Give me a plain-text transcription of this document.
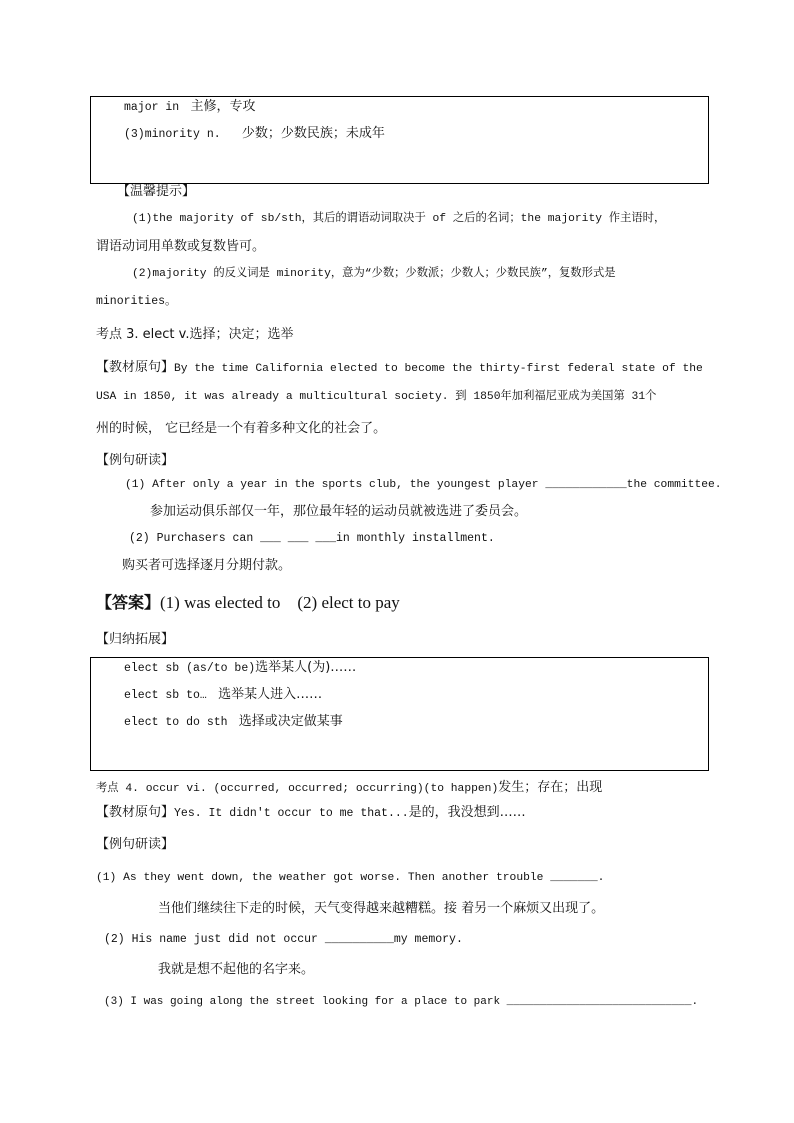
major in 主修，专攻
(3)minority n. 少数；少数民族；未成年
【温馨提示】
(1)the majority of sb/sth，其后的谓语动词取决于 of 之后的名词；the majority 作主语时，
谓语动词用单数或复数皆可。
(2)majority 的反义词是 minority，意为“少数；少数派；少数人；少数民族”，复数形式是
minorities。
考点 3. elect v.选择；决定；选举
【教材原句】By the time California elected to become the thirty-first federal state of the
USA in 1850, it was already a multicultural society. 到 1850年加利福尼亚成为美国第 31个
州的时候， 它已经是一个有着多种文化的社会了。
【例句研读】
(1) After only a year in the sports club, the youngest player ____________the committee.
参加运动俱乐部仅一年，那位最年轻的运动员就被选进了委员会。
(2) Purchasers can ___ ___ ___in monthly installment.
购买者可选择逐月分期付款。
【答案】(1) was elected to    (2) elect to pay
【归纳拓展】
elect sb (as/to be)选举某人(为)……
elect sb to… 选举某人进入……
elect to do sth 选择或决定做某事
考点 4. occur vi. (occurred, occurred; occurring)(to happen)发生；存在；出现
【教材原句】Yes. It didn't occur to me that...是的，我没想到……
【例句研读】
(1) As they went down, the weather got worse. Then another trouble _______.
当他们继续往下走的时候，天气变得越来越糟糕。接 着另一个麻烦又出现了。
(2) His name just did not occur __________my memory.
我就是想不起他的名字来。
(3) I was going along the street looking for a place to park ____________________________.
